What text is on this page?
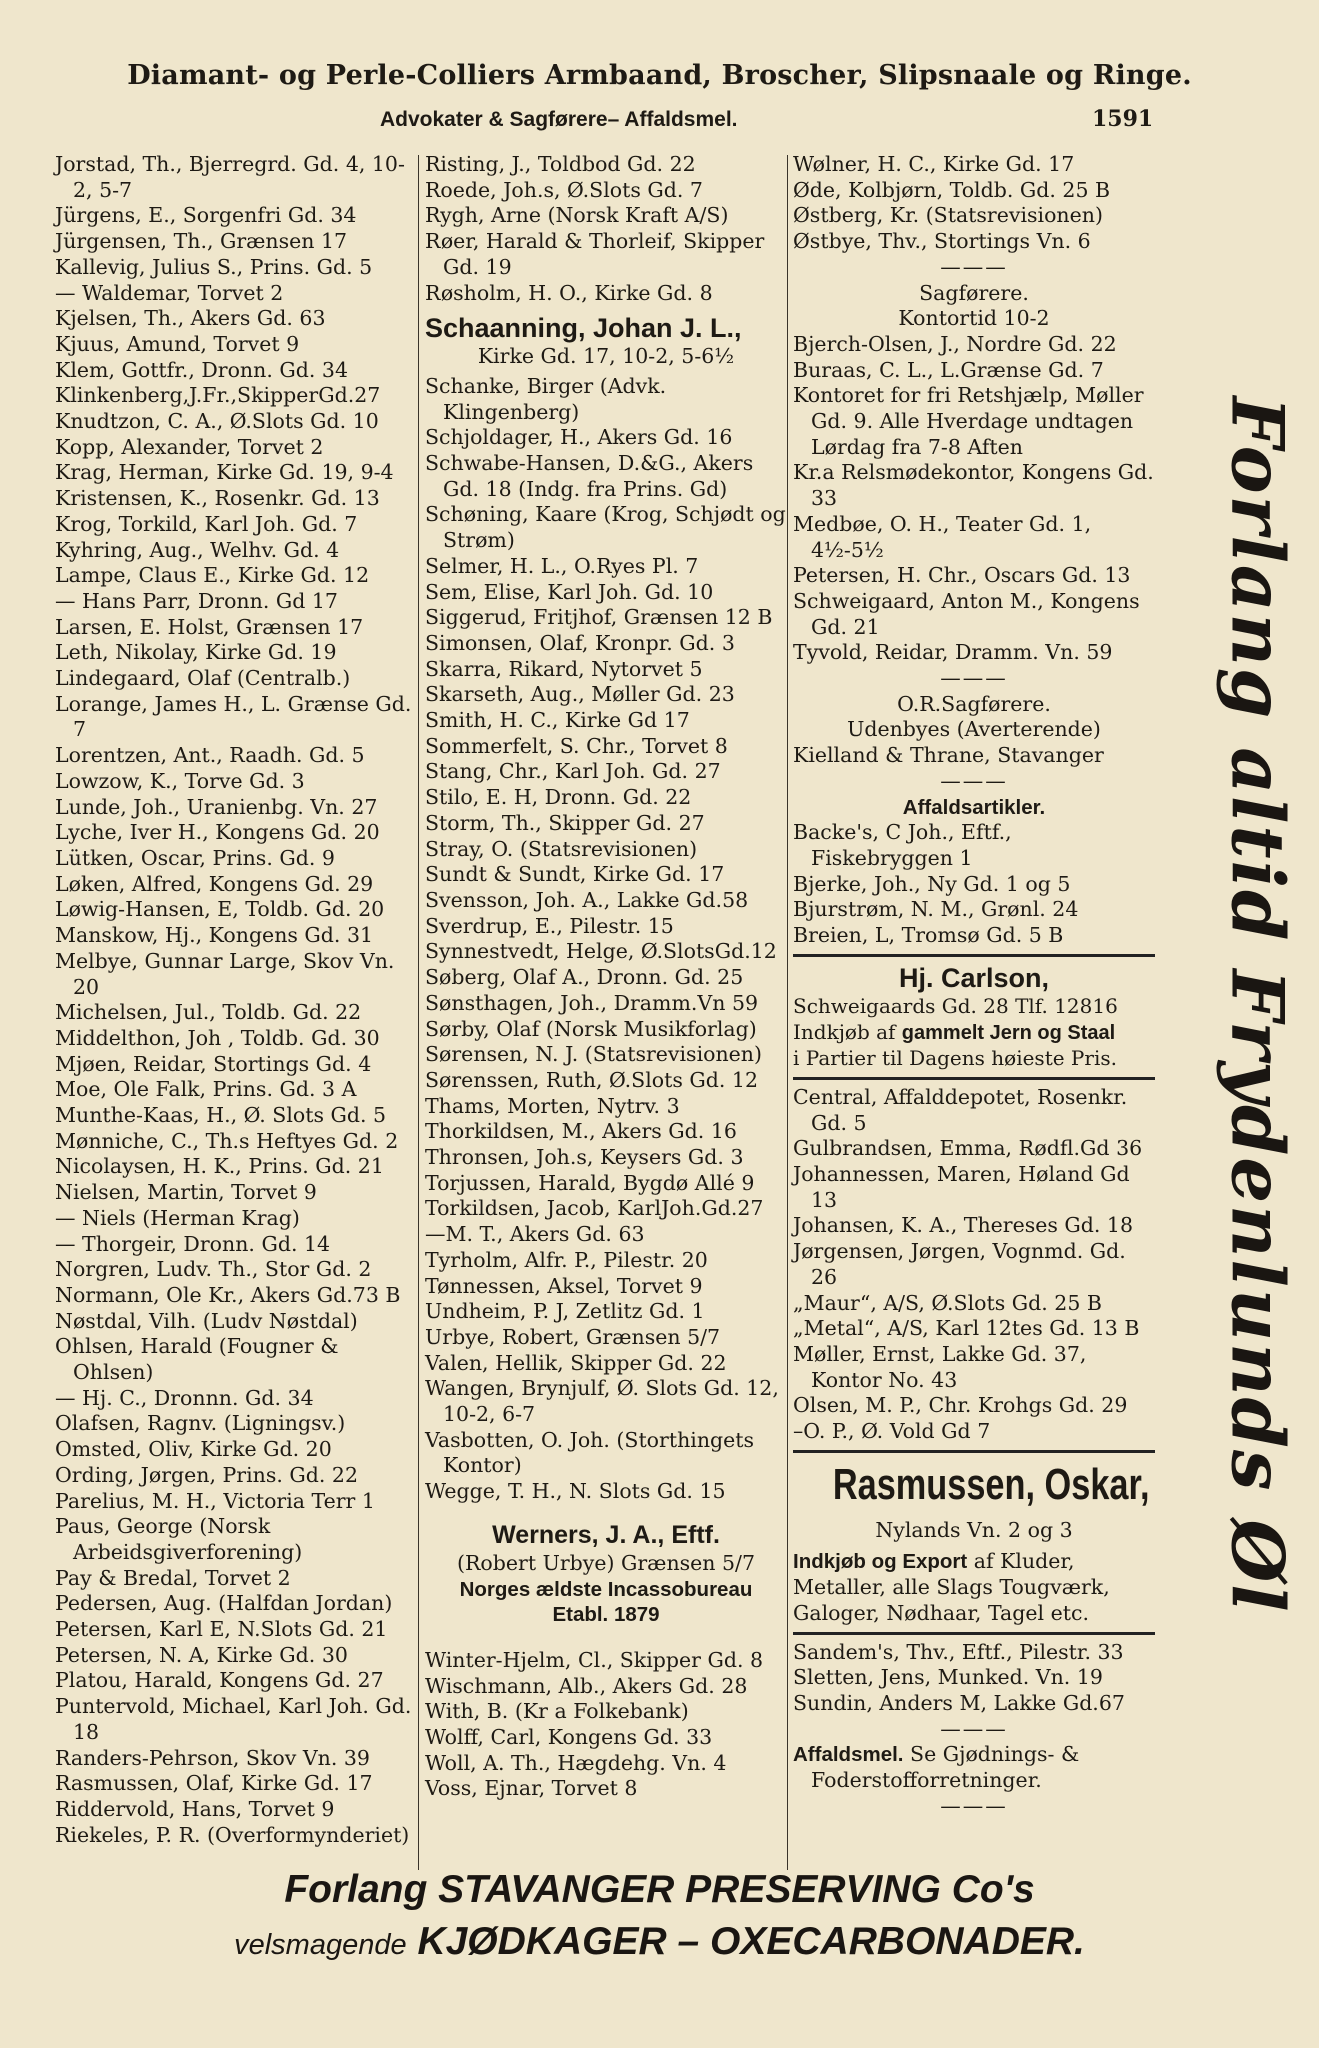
Diamant- og Perle-Colliers Armbaand, Broscher, Slipsnaale og Ringe.
Advokater & Sagførere– Affaldsmel.	1591
Jorstad, Th., Bjerregrd. Gd. 4, 10-2, 5-7
Jürgens, E., Sorgenfri Gd. 34
Jürgensen, Th., Grænsen 17
Kallevig, Julius S., Prins. Gd. 5
— Waldemar, Torvet 2
Kjelsen, Th., Akers Gd. 63
Kjuus, Amund, Torvet 9
Klem, Gottfr., Dronn. Gd. 34
Klinkenberg,J.Fr.,SkipperGd.27
Knudtzon, C. A., Ø.Slots Gd. 10
Kopp, Alexander, Torvet 2
Krag, Herman, Kirke Gd. 19, 9-4
Kristensen, K., Rosenkr. Gd. 13
Krog, Torkild, Karl Joh. Gd. 7
Kyhring, Aug., Welhv. Gd. 4
Lampe, Claus E., Kirke Gd. 12
— Hans Parr, Dronn. Gd 17
Larsen, E. Holst, Grænsen 17
Leth, Nikolay, Kirke Gd. 19
Lindegaard, Olaf (Centralb.)
Lorange, James H., L. Grænse Gd. 7
Lorentzen, Ant., Raadh. Gd. 5
Lowzow, K., Torve Gd. 3
Lunde, Joh., Uranienbg. Vn. 27
Lyche, Iver H., Kongens Gd. 20
Lütken, Oscar, Prins. Gd. 9
Løken, Alfred, Kongens Gd. 29
Løwig-Hansen, E, Toldb. Gd. 20
Manskow, Hj., Kongens Gd. 31
Melbye, Gunnar Large, Skov Vn. 20
Michelsen, Jul., Toldb. Gd. 22
Middelthon, Joh , Toldb. Gd. 30
Mjøen, Reidar, Stortings Gd. 4
Moe, Ole Falk, Prins. Gd. 3 A
Munthe-Kaas, H., Ø. Slots Gd. 5
Mønniche, C., Th.s Heftyes Gd. 2
Nicolaysen, H. K., Prins. Gd. 21
Nielsen, Martin, Torvet 9
— Niels (Herman Krag)
— Thorgeir, Dronn. Gd. 14
Norgren, Ludv. Th., Stor Gd. 2
Normann, Ole Kr., Akers Gd.73 B
Nøstdal, Vilh. (Ludv Nøstdal)
Ohlsen, Harald (Fougner & Ohlsen)
— Hj. C., Dronnn. Gd. 34
Olafsen, Ragnv. (Ligningsv.)
Omsted, Oliv, Kirke Gd. 20
Ording, Jørgen, Prins. Gd. 22
Parelius, M. H., Victoria Terr 1
Paus, George (Norsk Arbeidsgiverforening)
Pay & Bredal, Torvet 2
Pedersen, Aug. (Halfdan Jordan)
Petersen, Karl E, N.Slots Gd. 21
Petersen, N. A, Kirke Gd. 30
Platou, Harald, Kongens Gd. 27
Puntervold, Michael, Karl Joh. Gd. 18
Randers-Pehrson, Skov Vn. 39
Rasmussen, Olaf, Kirke Gd. 17
Riddervold, Hans, Torvet 9
Riekeles, P. R. (Overformynderiet)
Risting, J., Toldbod Gd. 22
Roede, Joh.s, Ø.Slots Gd. 7
Rygh, Arne (Norsk Kraft A/S)
Røer, Harald & Thorleif, Skipper Gd. 19
Røsholm, H. O., Kirke Gd. 8
Schaanning, Johan J. L.,
Kirke Gd. 17, 10-2, 5-6½
Schanke, Birger (Advk. Klingenberg)
Schjoldager, H., Akers Gd. 16
Schwabe-Hansen, D.&G., Akers Gd. 18 (Indg. fra Prins. Gd)
Schøning, Kaare (Krog, Schjødt og Strøm)
Selmer, H. L., O.Ryes Pl. 7
Sem, Elise, Karl Joh. Gd. 10
Siggerud, Fritjhof, Grænsen 12 B
Simonsen, Olaf, Kronpr. Gd. 3
Skarra, Rikard, Nytorvet 5
Skarseth, Aug., Møller Gd. 23
Smith, H. C., Kirke Gd 17
Sommerfelt, S. Chr., Torvet 8
Stang, Chr., Karl Joh. Gd. 27
Stilo, E. H, Dronn. Gd. 22
Storm, Th., Skipper Gd. 27
Stray, O. (Statsrevisionen)
Sundt & Sundt, Kirke Gd. 17
Svensson, Joh. A., Lakke Gd.58
Sverdrup, E., Pilestr. 15
Synnestvedt, Helge, Ø.SlotsGd.12
Søberg, Olaf A., Dronn. Gd. 25
Sønsthagen, Joh., Dramm.Vn 59
Sørby, Olaf (Norsk Musikforlag)
Sørensen, N. J. (Statsrevisionen)
Sørenssen, Ruth, Ø.Slots Gd. 12
Thams, Morten, Nytrv. 3
Thorkildsen, M., Akers Gd. 16
Thronsen, Joh.s, Keysers Gd. 3
Torjussen, Harald, Bygdø Allé 9
Torkildsen, Jacob, KarlJoh.Gd.27
—M. T., Akers Gd. 63
Tyrholm, Alfr. P., Pilestr. 20
Tønnessen, Aksel, Torvet 9
Undheim, P. J, Zetlitz Gd. 1
Urbye, Robert, Grænsen 5/7
Valen, Hellik, Skipper Gd. 22
Wangen, Brynjulf, Ø. Slots Gd. 12, 10-2, 6-7
Vasbotten, O. Joh. (Storthingets Kontor)
Wegge, T. H., N. Slots Gd. 15
Werners, J. A., Eftf.
(Robert Urbye) Grænsen 5/7
Norges ældste Incassobureau
Etabl. 1879
Winter-Hjelm, Cl., Skipper Gd. 8
Wischmann, Alb., Akers Gd. 28
With, B. (Kr a Folkebank)
Wolff, Carl, Kongens Gd. 33
Woll, A. Th., Hægdehg. Vn. 4
Voss, Ejnar, Torvet 8
Wølner, H. C., Kirke Gd. 17
Øde, Kolbjørn, Toldb. Gd. 25 B
Østberg, Kr. (Statsrevisionen)
Østbye, Thv., Stortings Vn. 6
———
Sagførere.
Kontortid 10-2
Bjerch-Olsen, J., Nordre Gd. 22
Buraas, C. L., L.Grænse Gd. 7
Kontoret for fri Retshjælp, Møller Gd. 9. Alle Hverdage undtagen Lørdag fra 7-8 Aften
Kr.a Relsmødekontor, Kongens Gd. 33
Medbøe, O. H., Teater Gd. 1, 4½-5½
Petersen, H. Chr., Oscars Gd. 13
Schweigaard, Anton M., Kongens Gd. 21
Tyvold, Reidar, Dramm. Vn. 59
———
O.R.Sagførere.
Udenbyes (Averterende)
Kielland & Thrane, Stavanger
———
Affaldsartikler.
Backe's, C Joh., Eftf., Fiskebryggen 1
Bjerke, Joh., Ny Gd. 1 og 5
Bjurstrøm, N. M., Grønl. 24
Breien, L, Tromsø Gd. 5 B
Hj. Carlson,
Schweigaards Gd. 28 Tlf. 12816
Indkjøb af gammelt Jern og Staal
i Partier til Dagens høieste Pris.
Central, Affalddepotet, Rosenkr. Gd. 5
Gulbrandsen, Emma, Rødfl.Gd 36
Johannessen, Maren, Høland Gd 13
Johansen, K. A., Thereses Gd. 18
Jørgensen, Jørgen, Vognmd. Gd. 26
„Maur“, A/S, Ø.Slots Gd. 25 B
„Metal“, A/S, Karl 12tes Gd. 13 B
Møller, Ernst, Lakke Gd. 37, Kontor No. 43
Olsen, M. P., Chr. Krohgs Gd. 29
–O. P., Ø. Vold Gd 7
Rasmussen, Oskar,
Nylands Vn. 2 og 3
Indkjøb og Export af Kluder,
Metaller, alle Slags Tougværk,
Galoger, Nødhaar, Tagel etc.
Sandem's, Thv., Eftf., Pilestr. 33
Sletten, Jens, Munked. Vn. 19
Sundin, Anders M, Lakke Gd.67
———
Affaldsmel. Se Gjødnings- & Foderstofforretninger.
———
Forlang altid Frydenlunds Øl
Forlang STAVANGER PRESERVING Co's
velsmagende KJØDKAGER – OXECARBONADER.
